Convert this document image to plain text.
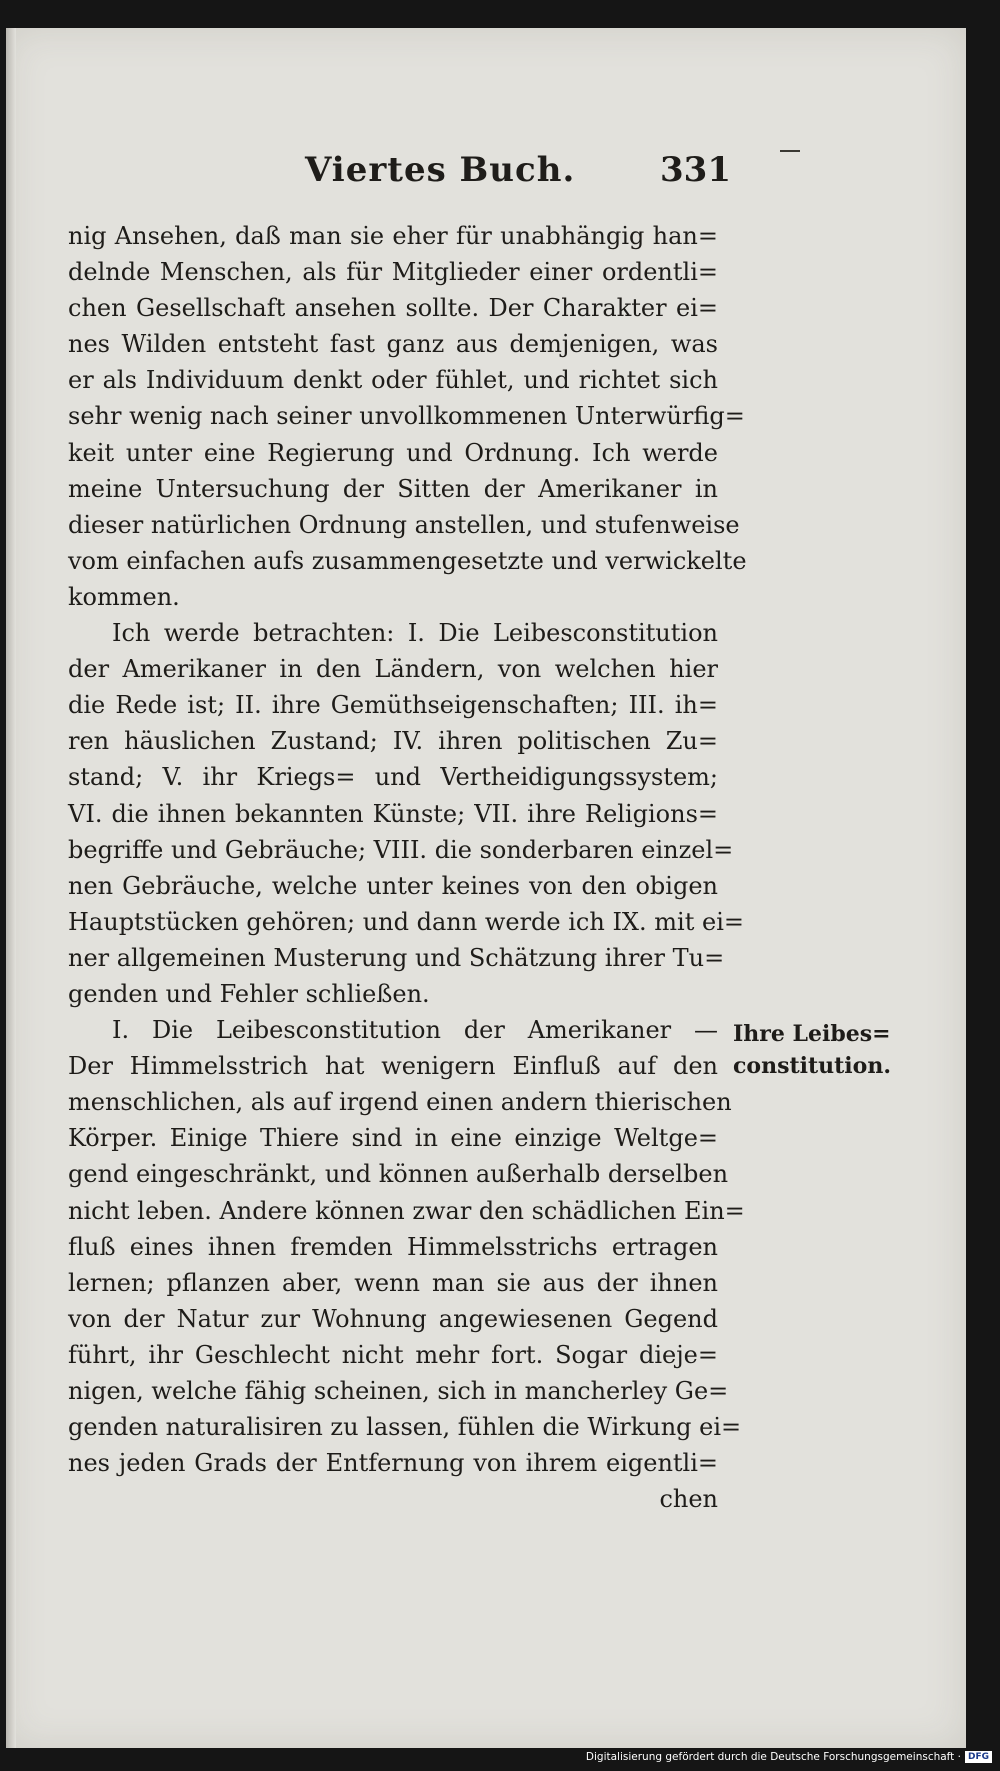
Viertes Buch. 331
nig Ansehen, daß man sie eher für unabhängig han=
delnde Menschen, als für Mitglieder einer ordentli=
chen Gesellschaft ansehen sollte. Der Charakter ei=
nes Wilden entsteht fast ganz aus demjenigen, was
er als Individuum denkt oder fühlet, und richtet sich
sehr wenig nach seiner unvollkommenen Unterwürfig=
keit unter eine Regierung und Ordnung. Ich werde
meine Untersuchung der Sitten der Amerikaner in
dieser natürlichen Ordnung anstellen, und stufenweise
vom einfachen aufs zusammengesetzte und verwickelte
kommen.
Ich werde betrachten: I. Die Leibesconstitution
der Amerikaner in den Ländern, von welchen hier
die Rede ist; II. ihre Gemüthseigenschaften; III. ih=
ren häuslichen Zustand; IV. ihren politischen Zu=
stand; V. ihr Kriegs= und Vertheidigungssystem;
VI. die ihnen bekannten Künste; VII. ihre Religions=
begriffe und Gebräuche; VIII. die sonderbaren einzel=
nen Gebräuche, welche unter keines von den obigen
Hauptstücken gehören; und dann werde ich IX. mit ei=
ner allgemeinen Musterung und Schätzung ihrer Tu=
genden und Fehler schließen.
I. Die Leibesconstitution der Amerikaner —
Der Himmelsstrich hat wenigern Einfluß auf den
menschlichen, als auf irgend einen andern thierischen
Körper. Einige Thiere sind in eine einzige Weltge=
gend eingeschränkt, und können außerhalb derselben
nicht leben. Andere können zwar den schädlichen Ein=
fluß eines ihnen fremden Himmelsstrichs ertragen
lernen; pflanzen aber, wenn man sie aus der ihnen
von der Natur zur Wohnung angewiesenen Gegend
führt, ihr Geschlecht nicht mehr fort. Sogar dieje=
nigen, welche fähig scheinen, sich in mancherley Ge=
genden naturalisiren zu lassen, fühlen die Wirkung ei=
nes jeden Grads der Entfernung von ihrem eigentli=
chen
Ihre Leibes=
constitution.
Digitalisierung gefördert durch die Deutsche Forschungsgemeinschaft · DFG
